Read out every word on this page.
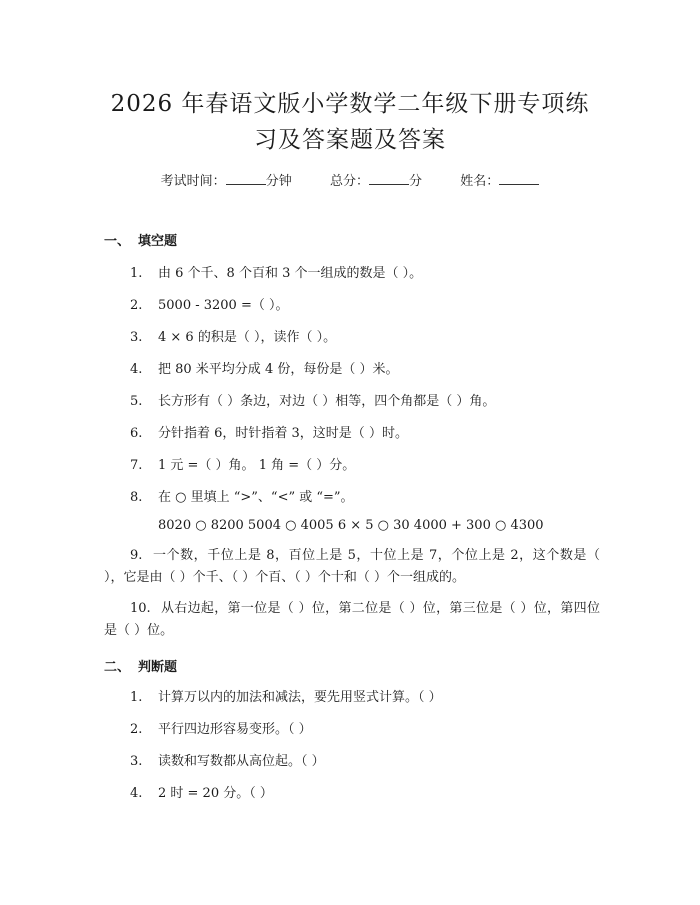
2026 年春语文版小学数学二年级下册专项练
习及答案题及答案
考试时间：	分钟	总分：	分	姓名：
一、 填空题
1. 由 6 个千、8 个百和 3 个一组成的数是（ ）。
2. 5000 - 3200 =（ ）。
3. 4 × 6 的积是（ ），读作（ ）。
4. 把 80 米平均分成 4 份，每份是（ ）米。
5. 长方形有（ ）条边，对边（ ）相等，四个角都是（ ）角。
6. 分针指着 6，时针指着 3，这时是（ ）时。
7. 1 元 =（ ）角。 1 角 =（ ）分。
8. 在 ○ 里填上 “>”、“<” 或 “=”。
8020 ○ 8200 5004 ○ 4005 6 × 5 ○ 30 4000 + 300 ○ 4300
9. 一个数，千位上是 8，百位上是 5，十位上是 7，个位上是 2，这个数是（ ），它是由（ ）个千、（ ）个百、（ ）个十和（ ）个一组成的。
10. 从右边起，第一位是（ ）位，第二位是（ ）位，第三位是（ ）位，第四位是（ ）位。
二、 判断题
1. 计算万以内的加法和减法，要先用竖式计算。（ ）
2. 平行四边形容易变形。（ ）
3. 读数和写数都从高位起。（ ）
4. 2 时 = 20 分。（ ）
